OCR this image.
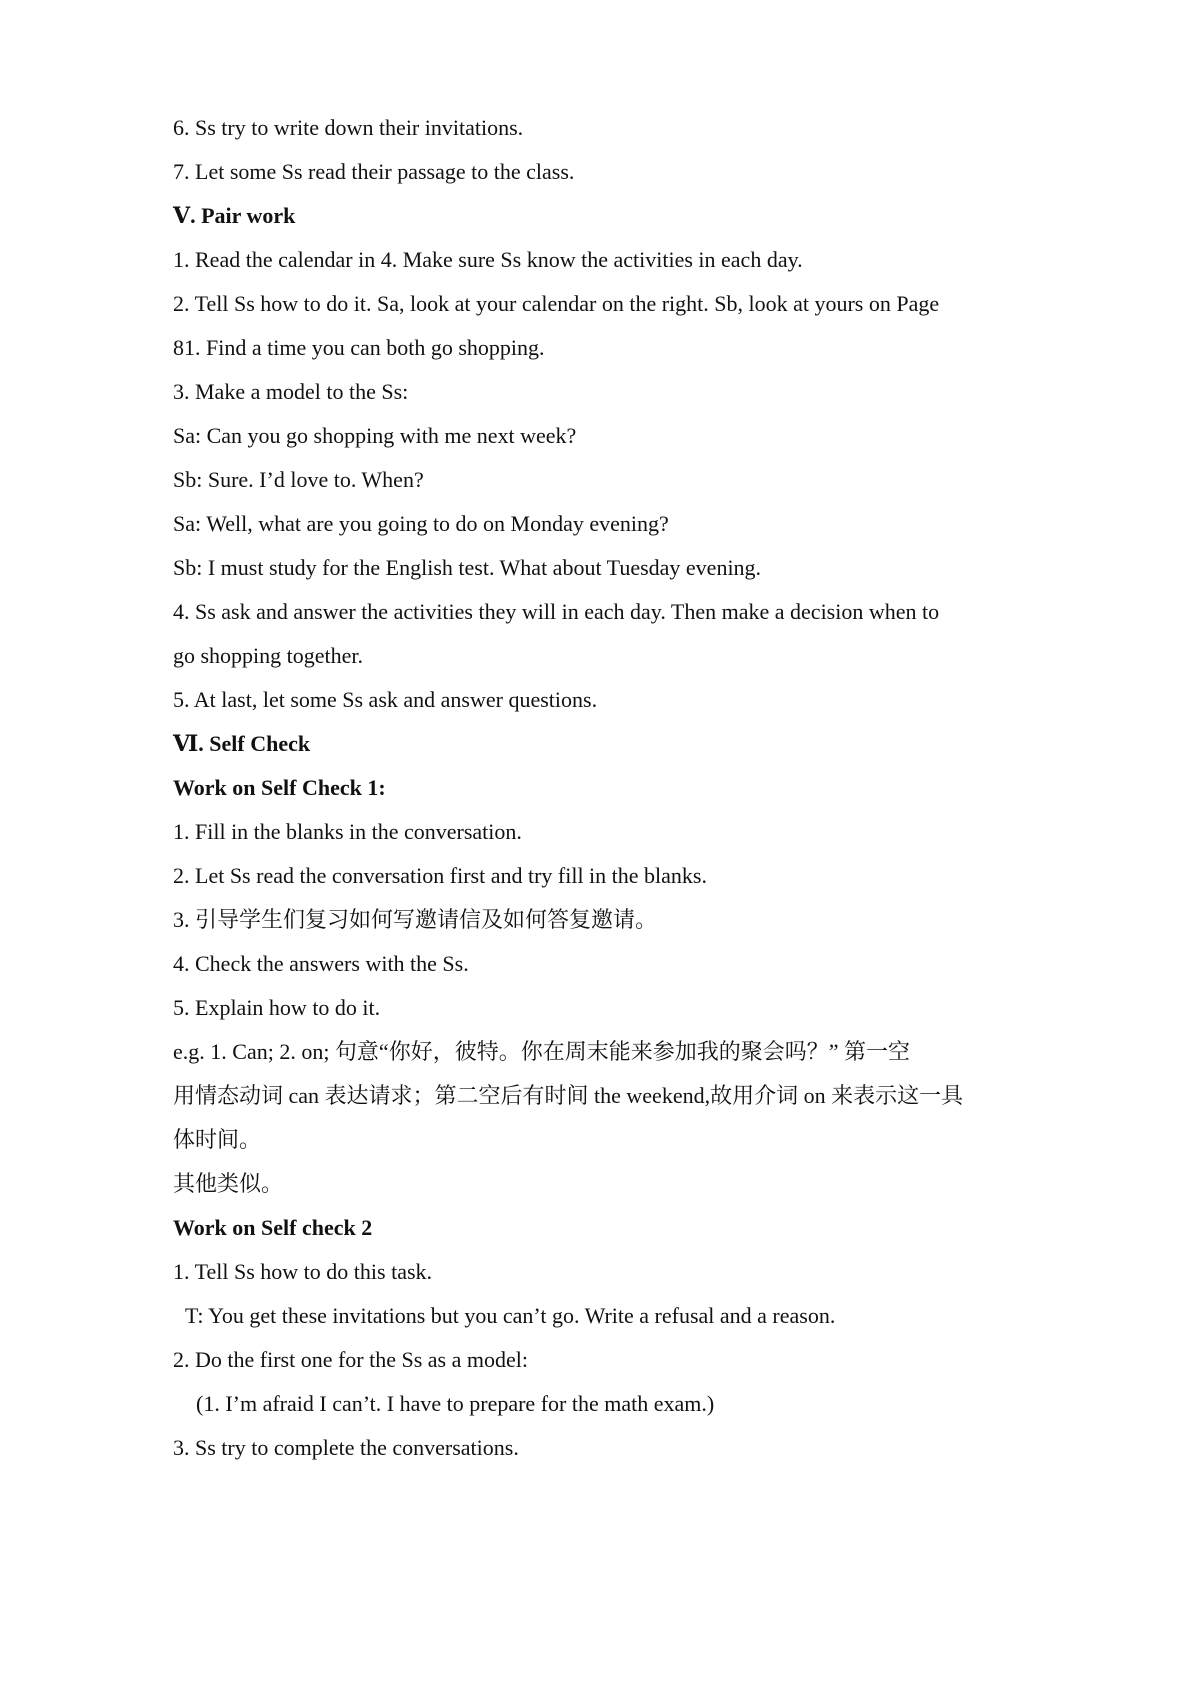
6. Ss try to write down their invitations.
7. Let some Ss read their passage to the class.
Ⅴ. Pair work
1. Read the calendar in 4. Make sure Ss know the activities in each day.
2. Tell Ss how to do it. Sa, look at your calendar on the right. Sb, look at yours on Page
81. Find a time you can both go shopping.
3. Make a model to the Ss:
Sa: Can you go shopping with me next week?
Sb: Sure. I’d love to. When?
Sa: Well, what are you going to do on Monday evening?
Sb: I must study for the English test. What about Tuesday evening.
4. Ss ask and answer the activities they will in each day. Then make a decision when to
go shopping together.
5. At last, let some Ss ask and answer questions.
Ⅵ. Self Check
Work on Self Check 1:
1. Fill in the blanks in the conversation.
2. Let Ss read the conversation first and try fill in the blanks.
3. 引导学生们复习如何写邀请信及如何答复邀请。
4. Check the answers with the Ss.
5. Explain how to do it.
e.g. 1. Can; 2. on; 句意“你好，彼特。你在周末能来参加我的聚会吗？” 第一空
用情态动词 can 表达请求；第二空后有时间 the weekend,故用介词 on 来表示这一具
体时间。
其他类似。
Work on Self check 2
1. Tell Ss how to do this task.
T: You get these invitations but you can’t go. Write a refusal and a reason.
2. Do the first one for the Ss as a model:
(1. I’m afraid I can’t. I have to prepare for the math exam.)
3. Ss try to complete the conversations.
